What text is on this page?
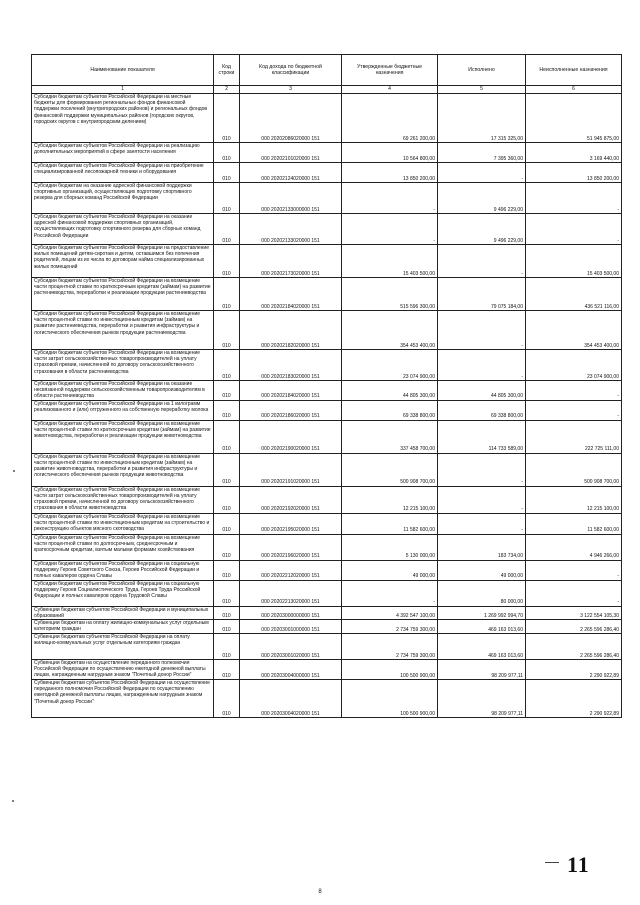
Наименование показателя	Код строки	Код дохода по бюджетной классификации	Утвержденные бюджетные назначения	Исполнено	Неисполненные назначения
1	2	3	4	5	6
Субсидии бюджетам субъектов Российской Федерации на местные бюджеты для формирования региональных фондов финансовой поддержки поселений (внутригородских районов) и региональных фондов финансовой поддержки муниципальных районов (городских округов, городских округов с внутригородским делением)	010	000 20202086020000 151	69 261 200,00	17 315 325,00	51 945 875,00
Субсидии бюджетам субъектов Российской Федерации на реализацию дополнительных мероприятий в сфере занятости населения	010	000 20202101020000 151	10 564 800,00	7 395 360,00	3 169 440,00
Субсидии бюджетам субъектов Российской Федерации на приобретение специализированной лесопожарной техники и оборудования	010	000 20202124020000 151	13 850 200,00	-	13 850 200,00
Субсидии бюджетам на оказание адресной финансовой поддержки спортивных организаций, осуществляющих подготовку спортивного резерва для сборных команд Российской Федерации	010	000 20202133000000 151	-	9 496 229,00	-
Субсидии бюджетам субъектов Российской Федерации на оказание адресной финансовой поддержки спортивных организаций, осуществляющих подготовку спортивного резерва для сборных команд Российской Федерации	010	000 20202133020000 151	-	9 496 229,00	-
Субсидии бюджетам субъектов Российской Федерации на предоставление жилых помещений детям-сиротам и детям, оставшимся без попечения родителей, лицам из их числа по договорам найма специализированных жилых помещений	010	000 20202173020000 151	15 403 500,00	-	15 403 500,00
Субсидии бюджетам субъектов Российской Федерации на возмещение части процентной ставки по краткосрочным кредитам (займам) на развитие растениеводства, переработки и реализации продукции растениеводства	010	000 20202184020000 151	515 596 300,00	79 075 184,00	436 521 116,00
Субсидии бюджетам субъектов Российской Федерации на возмещение части процентной ставки по инвестиционным кредитам (займам) на развитие растениеводства, переработки и развития инфраструктуры и логистического обеспечения рынков продукции растениеводства	010	000 20202182020000 151	354 453 400,00	-	354 453 400,00
Субсидии бюджетам субъектов Российской Федерации на возмещение части затрат сельскохозяйственных товаропроизводителей на уплату страховой премии, начисленной по договору сельскохозяйственного страхования в области растениеводства	010	000 20202183020000 151	23 074 900,00	-	23 074 900,00
Субсидии бюджетам субъектов Российской Федерации на оказание несвязанной поддержки сельскохозяйственным товаропроизводителям в области растениеводства	010	000 20202184020000 151	44 805 300,00	44 805 300,00	-
Субсидии бюджетам субъектов Российской Федерации на 1 килограмм реализованного и (или) отгруженного на собственную переработку молока	010	000 20202186020000 151	69 338 800,00	69 338 800,00	-
Субсидии бюджетам субъектов Российской Федерации на возмещение части процентной ставки по краткосрочным кредитам (займам) на развитие животноводства, переработки и реализации продукции животноводства	010	000 20202190020000 151	337 458 700,00	114 733 589,00	222 725 111,00
Субсидии бюджетам субъектов Российской Федерации на возмещение части процентной ставки по инвестиционным кредитам (займам) на развитие животноводства, переработки и развития инфраструктуры и логистического обеспечения рынков продукции животноводства	010	000 20202191020000 151	500 908 700,00	-	500 908 700,00
Субсидии бюджетам субъектов Российской Федерации на возмещение части затрат сельскохозяйственных товаропроизводителей на уплату страховой премии, начисленной по договору сельскохозяйственного страхования в области животноводства	010	000 20202192020000 151	12 215 100,00	-	12 215 100,00
Субсидии бюджетам субъектов Российской Федерации на возмещение части процентной ставки по инвестиционным кредитам на строительство и реконструкцию объектов мясного скотоводства	010	000 20202195020000 151	11 582 600,00	-	11 582 600,00
Субсидии бюджетам субъектов Российской Федерации на возмещение части процентной ставки по долгосрочным, среднесрочным и краткосрочным кредитам, взятым малыми формами хозяйствования	010	000 20202196020000 151	5 130 000,00	183 734,00	4 946 266,00
Субсидии бюджетам субъектов Российской Федерации на социальную поддержку Героев Советского Союза, Героев Российской Федерации и полных кавалеров ордена Славы	010	000 20202212020000 151	49 000,00	49 000,00	-
Субсидии бюджетам субъектов Российской Федерации на социальную поддержку Героев Социалистического Труда, Героев Труда Российской Федерации и полных кавалеров ордена Трудовой Славы	010	000 20202213020000 151	-	80 000,00	-
Субвенции бюджетам субъектов Российской Федерации и муниципальных образований	010	000 20203000000000 151	4 392 547 100,00	1 269 992 994,70	3 122 554 105,30
Субвенции бюджетам на оплату жилищно-коммунальных услуг отдельным категориям граждан	010	000 20203001000000 151	2 734 759 300,00	469 163 013,60	2 265 596 286,40
Субвенции бюджетам субъектов Российской Федерации на оплату жилищно-коммунальных услуг отдельным категориям граждан	010	000 20203001020000 151	2 734 759 300,00	469 163 013,60	2 265 596 286,40
Субвенции бюджетам на осуществление переданного полномочия Российской Федерации по осуществлению ежегодной денежной выплаты лицам, награжденным нагрудным знаком "Почетный донор России"	010	000 20203004000000 151	100 500 900,00	98 209 977,11	2 290 922,89
Субвенции бюджетам субъектов Российской Федерации на осуществление переданного полномочия Российской Федерации по осуществлению ежегодной денежной выплаты лицам, награжденным нагрудным знаком "Почетный донор России"	010	000 20203004020000 151	100 500 900,00	98 209 977,11	2 290 922,89
11
8
